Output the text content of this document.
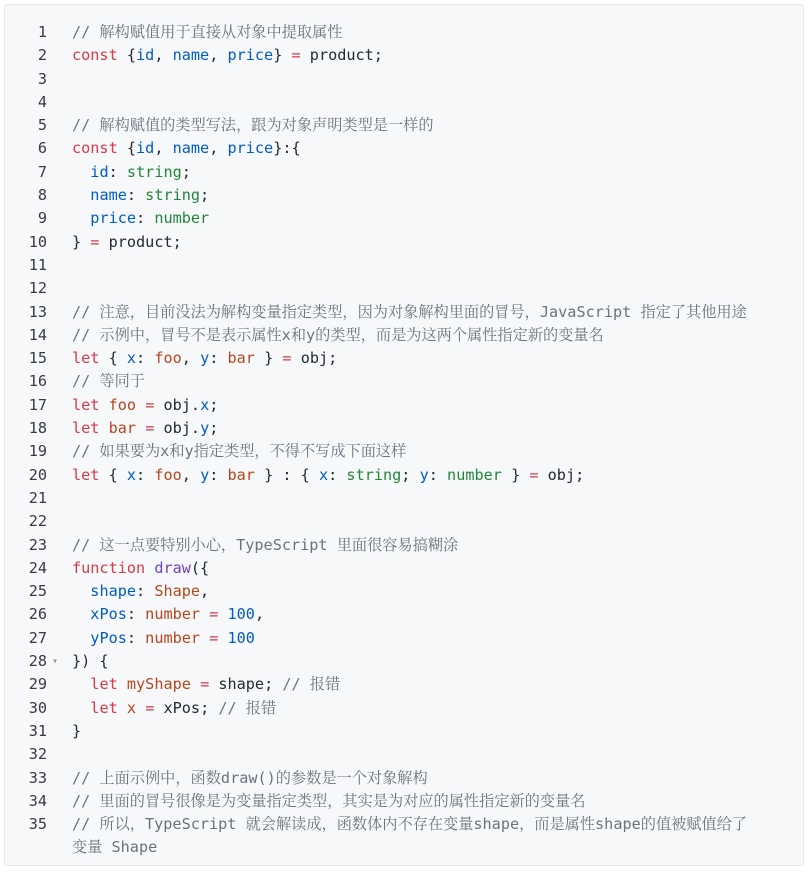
1 // 解构赋值用于直接从对象中提取属性
2 const {id, name, price} = product;
3
4
5 // 解构赋值的类型写法，跟为对象声明类型是一样的
6 const {id, name, price}:{
7	id: string;
8	name: string;
9	price: number
10 } = product;
11
12
13 // 注意，目前没法为解构变量指定类型，因为对象解构里面的冒号，JavaScript 指定了其他用途
14 // 示例中，冒号不是表示属性x和y的类型，而是为这两个属性指定新的变量名
15 let { x: foo, y: bar } = obj;
16 // 等同于
17 let foo = obj.x;
18 let bar = obj.y;
19 // 如果要为x和y指定类型，不得不写成下面这样
20 let { x: foo, y: bar } : { x: string; y: number } = obj;
21
22
23 // 这一点要特别小心，TypeScript 里面很容易搞糊涂
24 function draw({
25	shape: Shape,
26	xPos: number = 100,
27	yPos: number = 100
28 ▾ }) {
29	let myShape = shape; // 报错
30	let x = xPos; // 报错
31 }
32
33 // 上面示例中，函数draw()的参数是一个对象解构
34 // 里面的冒号很像是为变量指定类型，其实是为对应的属性指定新的变量名
35 // 所以，TypeScript 就会解读成，函数体内不存在变量shape，而是属性shape的值被赋值给了
变量 Shape
